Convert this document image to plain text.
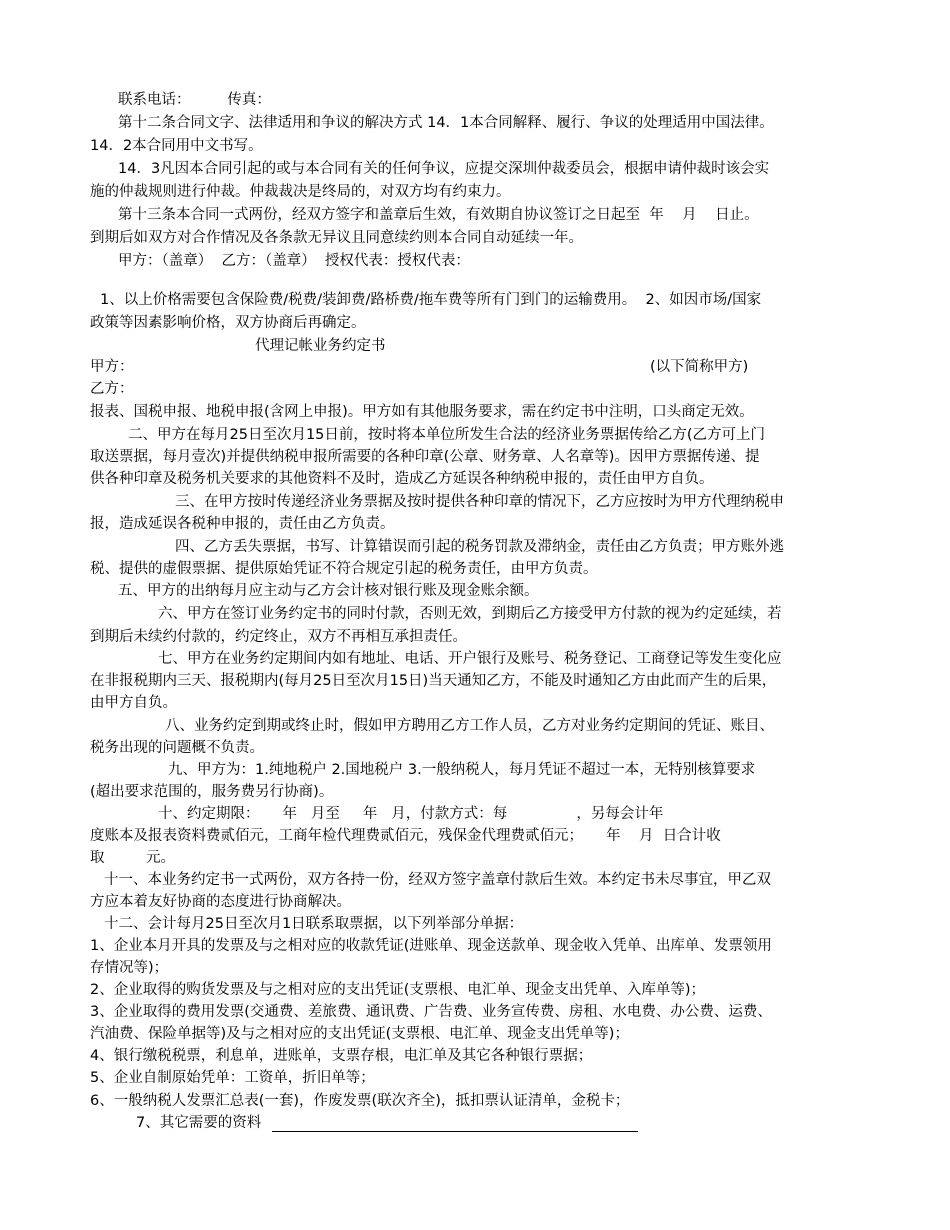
联系电话：        传真：
第十二条合同文字、法律适用和争议的解决方式 14．1本合同解释、履行、争议的处理适用中国法律。
14．2本合同用中文书写。
14．3凡因本合同引起的或与本合同有关的任何争议，应提交深圳仲裁委员会，根据申请仲裁时该会实
施的仲裁规则进行仲裁。仲裁裁决是终局的，对双方均有约束力。
第十三条本合同一式两份，经双方签字和盖章后生效，有效期自协议签订之日起至  年    月    日止。
到期后如双方对合作情况及各条款无异议且同意续约则本合同自动延续一年。
甲方：（盖章）  乙方：（盖章）  授权代表：授权代表：
1、以上价格需要包含保险费/税费/装卸费/路桥费/拖车费等所有门到门的运输费用。  2、如因市场/国家
政策等因素影响价格，双方协商后再确定。
代理记帐业务约定书
甲方：	(以下简称甲方)
乙方：
报表、国税申报、地税申报(含网上申报)。甲方如有其他服务要求，需在约定书中注明，口头商定无效。
二、甲方在每月25日至次月15日前，按时将本单位所发生合法的经济业务票据传给乙方(乙方可上门
取送票据，每月壹次)并提供纳税申报所需要的各种印章(公章、财务章、人名章等)。因甲方票据传递、提
供各种印章及税务机关要求的其他资料不及时，造成乙方延误各种纳税申报的，责任由甲方自负。
三、在甲方按时传递经济业务票据及按时提供各种印章的情况下，乙方应按时为甲方代理纳税申
报，造成延误各税种申报的，责任由乙方负责。
四、乙方丢失票据，书写、计算错误而引起的税务罚款及滞纳金，责任由乙方负责；甲方账外逃
税、提供的虚假票据、提供原始凭证不符合规定引起的税务责任，由甲方负责。
五、甲方的出纳每月应主动与乙方会计核对银行账及现金账余额。
六、甲方在签订业务约定书的同时付款，否则无效，到期后乙方接受甲方付款的视为约定延续，若
到期后未续约付款的，约定终止，双方不再相互承担责任。
七、甲方在业务约定期间内如有地址、电话、开户银行及账号、税务登记、工商登记等发生变化应
在非报税期内三天、报税期内(每月25日至次月15日)当天通知乙方，不能及时通知乙方由此而产生的后果，
由甲方自负。
八、业务约定到期或终止时，假如甲方聘用乙方工作人员，乙方对业务约定期间的凭证、账目、
税务出现的问题概不负责。
九、甲方为：1.纯地税户 2.国地税户 3.一般纳税人，每月凭证不超过一本，无特别核算要求
(超出要求范围的，服务费另行协商)。
十、约定期限：     年   月至     年   月，付款方式：每               ，另每会计年
度账本及报表资料费贰佰元，工商年检代理费贰佰元，残保金代理费贰佰元；     年    月  日合计收
取         元。
十一、本业务约定书一式两份，双方各持一份，经双方签字盖章付款后生效。本约定书未尽事宜，甲乙双
方应本着友好协商的态度进行协商解决。
十二、会计每月25日至次月1日联系取票据，以下列举部分单据：
1、企业本月开具的发票及与之相对应的收款凭证(进账单、现金送款单、现金收入凭单、出库单、发票领用
存情况等)；
2、企业取得的购货发票及与之相对应的支出凭证(支票根、电汇单、现金支出凭单、入库单等)；
3、企业取得的费用发票(交通费、差旅费、通讯费、广告费、业务宣传费、房租、水电费、办公费、运费、
汽油费、保险单据等)及与之相对应的支出凭证(支票根、电汇单、现金支出凭单等)；
4、银行缴税税票，利息单，进账单，支票存根，电汇单及其它各种银行票据；
5、企业自制原始凭单：工资单，折旧单等；
6、一般纳税人发票汇总表(一套)，作废发票(联次齐全)，抵扣票认证清单，金税卡；
7、其它需要的资料
